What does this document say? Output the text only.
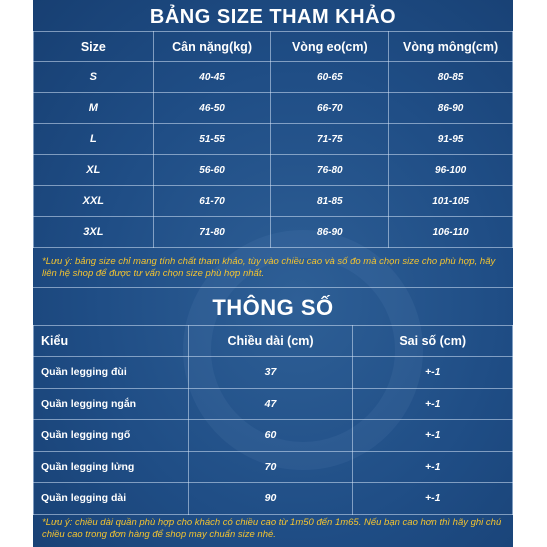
BẢNG SIZE THAM KHẢO
Size	Cân nặng(kg)	Vòng eo(cm)	Vòng mông(cm)
S	40-45	60-65	80-85
M	46-50	66-70	86-90
L	51-55	71-75	91-95
XL	56-60	76-80	96-100
XXL	61-70	81-85	101-105
3XL	71-80	86-90	106-110
*Lưu ý: bảng size chỉ mang tính chất tham khảo, tùy vào chiều cao và số đo mà chọn size cho phù hợp, hãy liên hệ shop để được tư vấn chọn size phù hợp nhất.
THÔNG SỐ
Kiểu	Chiều dài (cm)	Sai số (cm)
Quần legging đùi	37	+-1
Quần legging ngắn	47	+-1
Quần legging ngố	60	+-1
Quần legging lửng	70	+-1
Quần legging dài	90	+-1
*Lưu ý: chiều dài quần phù hợp cho khách có chiều cao từ 1m50 đến 1m65. Nếu bạn cao hơn thì hãy ghi chú chiều cao trong đơn hàng để shop may chuẩn size nhé.
